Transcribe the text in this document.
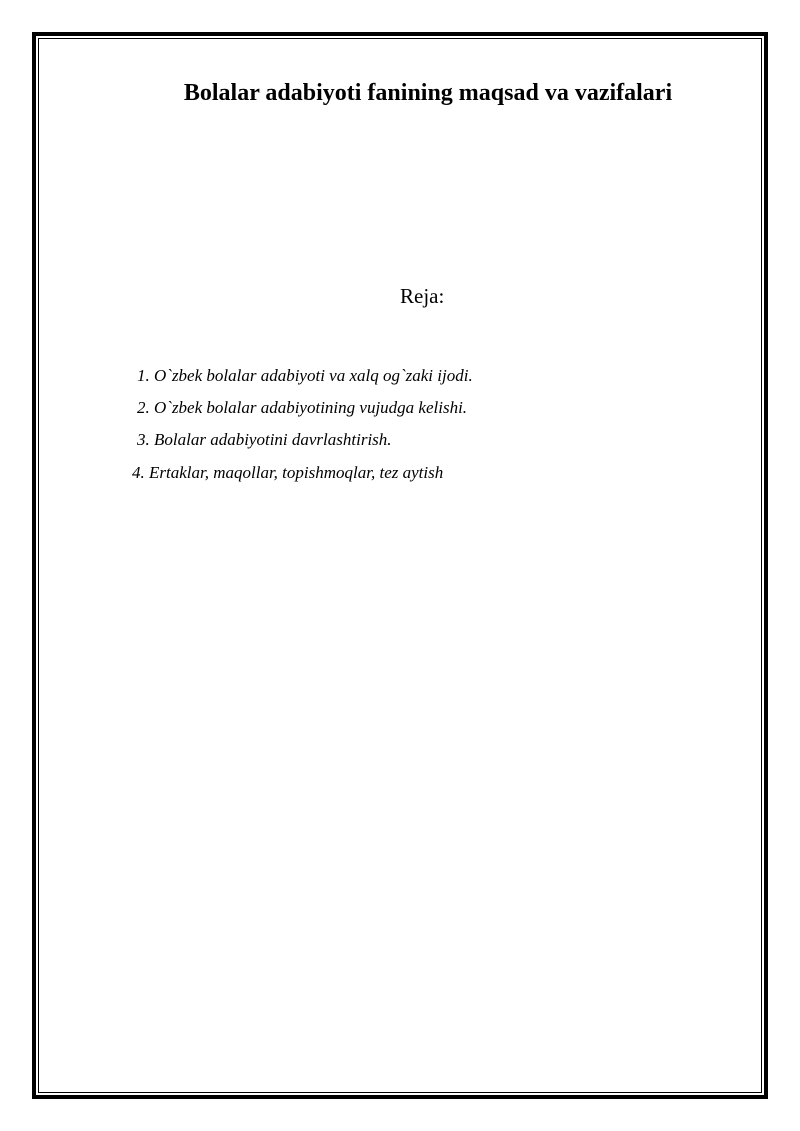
Bolalar adabiyoti fanining maqsad va vazifalari
Reja:

1. O`zbek bolalar adabiyoti va xalq og`zaki ijodi.

2. O`zbek bolalar adabiyotining vujudga kelishi.

3. Bolalar adabiyotini davrlashtirish.

4. Ertaklar, maqollar, topishmoqlar, tez aytish
